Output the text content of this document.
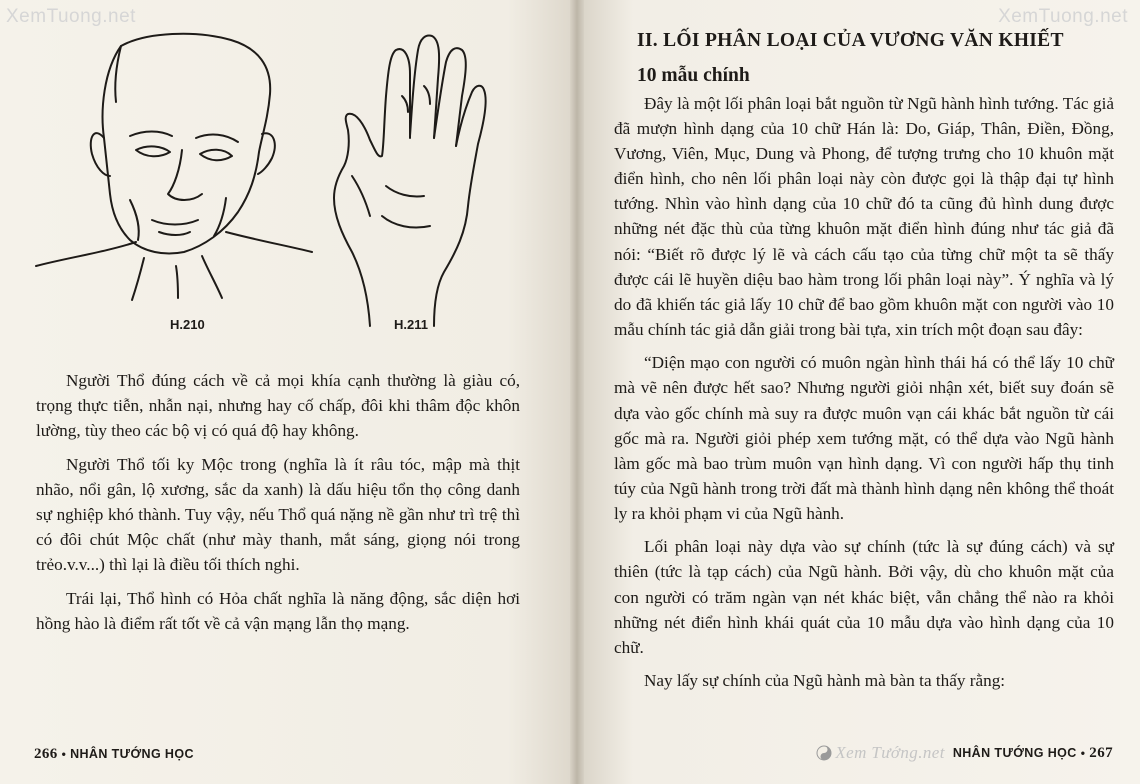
XemTuong.net
H.210	H.211

Người Thổ đúng cách về cả mọi khía cạnh thường là giàu có, trọng thực tiễn, nhẫn nại, nhưng hay cố chấp, đôi khi thâm độc khôn lường, tùy theo các bộ vị có quá độ hay không.

Người Thổ tối ky Mộc trong (nghĩa là ít râu tóc, mập mà thịt nhão, nổi gân, lộ xương, sắc da xanh) là dấu hiệu tổn thọ công danh sự nghiệp khó thành. Tuy vậy, nếu Thổ quá nặng nề gần như trì trệ thì có đôi chút Mộc chất (như mày thanh, mắt sáng, giọng nói trong trẻo.v.v...) thì lại là điều tối thích nghi.

Trái lại, Thổ hình có Hỏa chất nghĩa là năng động, sắc diện hơi hồng hào là điểm rất tốt về cả vận mạng lẫn thọ mạng.

266 • NHÂN TƯỚNG HỌC
XemTuong.net
II. LỐI PHÂN LOẠI CỦA VƯƠNG VĂN KHIẾT
10 mẫu chính

Đây là một lối phân loại bắt nguồn từ Ngũ hành hình tướng. Tác giả đã mượn hình dạng của 10 chữ Hán là: Do, Giáp, Thân, Điền, Đồng, Vương, Viên, Mục, Dung và Phong, để tượng trưng cho 10 khuôn mặt điển hình, cho nên lối phân loại này còn được gọi là thập đại tự hình tướng. Nhìn vào hình dạng của 10 chữ đó ta cũng đủ hình dung được những nét đặc thù của từng khuôn mặt điển hình đúng như tác giả đã nói: “Biết rõ được lý lẽ và cách cấu tạo của từng chữ một ta sẽ thấy được cái lẽ huyền diệu bao hàm trong lối phân loại này”. Ý nghĩa và lý do đã khiến tác giả lấy 10 chữ để bao gồm khuôn mặt con người vào 10 mẫu chính tác giả dẫn giải trong bài tựa, xin trích một đoạn sau đây:

“Diện mạo con người có muôn ngàn hình thái há có thể lấy 10 chữ mà vẽ nên được hết sao? Nhưng người giỏi nhận xét, biết suy đoán sẽ dựa vào gốc chính mà suy ra được muôn vạn cái khác bắt nguồn từ cái gốc mà ra. Người giỏi phép xem tướng mặt, có thể dựa vào Ngũ hành làm gốc mà bao trùm muôn vạn hình dạng. Vì con người hấp thụ tinh túy của Ngũ hành trong trời đất mà thành hình dạng nên không thể thoát ly ra khỏi phạm vi của Ngũ hành.

Lối phân loại này dựa vào sự chính (tức là sự đúng cách) và sự thiên (tức là tạp cách) của Ngũ hành. Bởi vậy, dù cho khuôn mặt của con người có trăm ngàn vạn nét khác biệt, vẫn chẳng thể nào ra khỏi những nét điển hình khái quát của 10 mẫu dựa vào hình dạng của 10 chữ.

Nay lấy sự chính của Ngũ hành mà bàn ta thấy rằng:

Xem Tướng.net NHÂN TƯỚNG HỌC • 267
